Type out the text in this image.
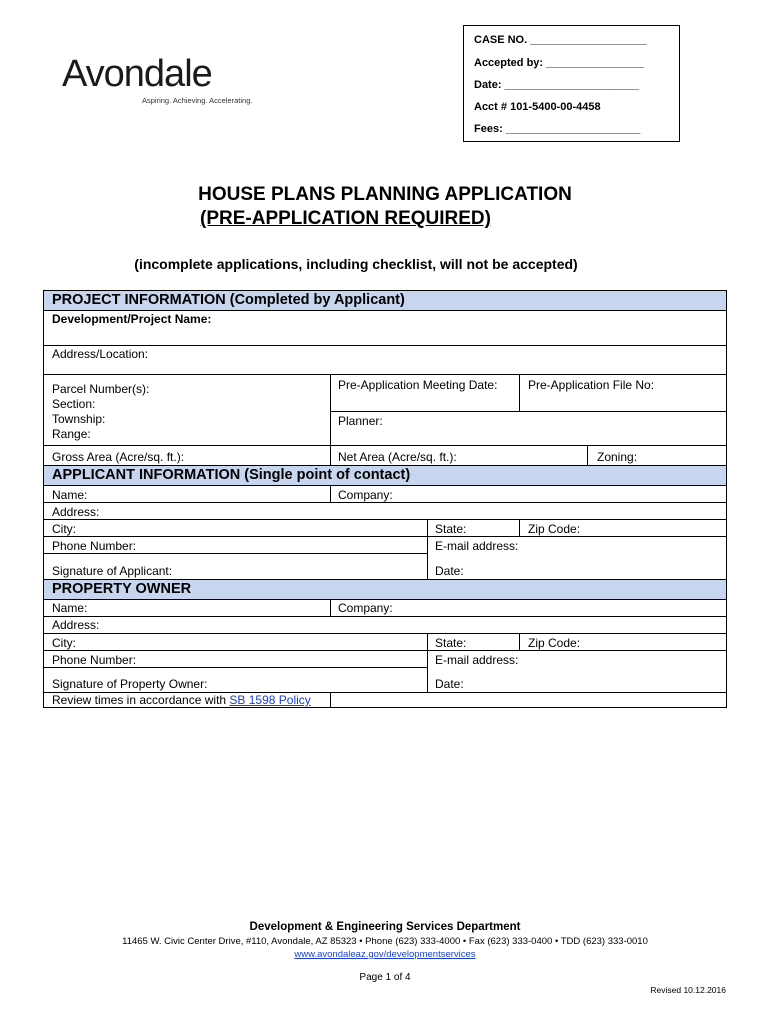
Avondale
Aspiring. Achieving. Accelerating.
CASE NO. ___________________
Accepted by: ________________
Date: ______________________
Acct # 101-5400-00-4458
Fees: ______________________
HOUSE PLANS PLANNING APPLICATION
(PRE-APPLICATION REQUIRED)
(incomplete applications, including checklist, will not be accepted)
PROJECT INFORMATION (Completed by Applicant)
Development/Project Name:
Address/Location:
Parcel Number(s):
Section:
Township:
Range:
Pre-Application Meeting Date:	Pre-Application File No:
Planner:
Gross Area (Acre/sq. ft.):	Net Area (Acre/sq. ft.):	Zoning:
APPLICANT INFORMATION (Single point of contact)
Name:	Company:
Address:
City:	State:	Zip Code:
Phone Number:	E-mail address:
Signature of Applicant:	Date:
PROPERTY OWNER
Name:	Company:
Address:
City:	State:	Zip Code:
Phone Number:	E-mail address:
Signature of Property Owner:	Date:
Review times in accordance with SB 1598 Policy
Development & Engineering Services Department
11465 W. Civic Center Drive, #110, Avondale, AZ 85323 • Phone (623) 333-4000 • Fax (623) 333-0400 • TDD (623) 333-0010
www.avondaleaz.gov/developmentservices
Page 1 of 4
Revised 10.12.2016
